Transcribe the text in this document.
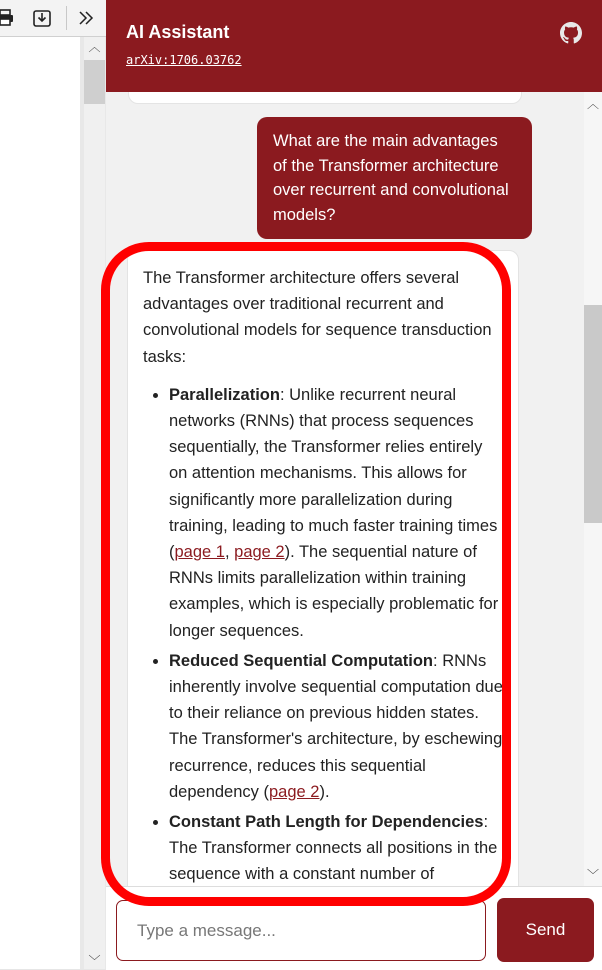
︿
﹀
AI Assistant
arXiv:1706.03762
What are the main advantages of the Transformer architecture over recurrent and convolutional models?

The Transformer architecture offers several advantages over traditional recurrent and convolutional models for sequence transduction tasks:

• Parallelization: Unlike recurrent neural networks (RNNs) that process sequences sequentially, the Transformer relies entirely on attention mechanisms. This allows for significantly more parallelization during training, leading to much faster training times (page 1, page 2). The sequential nature of RNNs limits parallelization within training examples, which is especially problematic for longer sequences.
• Reduced Sequential Computation: RNNs inherently involve sequential computation due to their reliance on previous hidden states. The Transformer's architecture, by eschewing recurrence, reduces this sequential dependency (page 2).
• Constant Path Length for Dependencies: The Transformer connects all positions in the sequence with a constant number of
︿
﹀
Type a message...
Send
